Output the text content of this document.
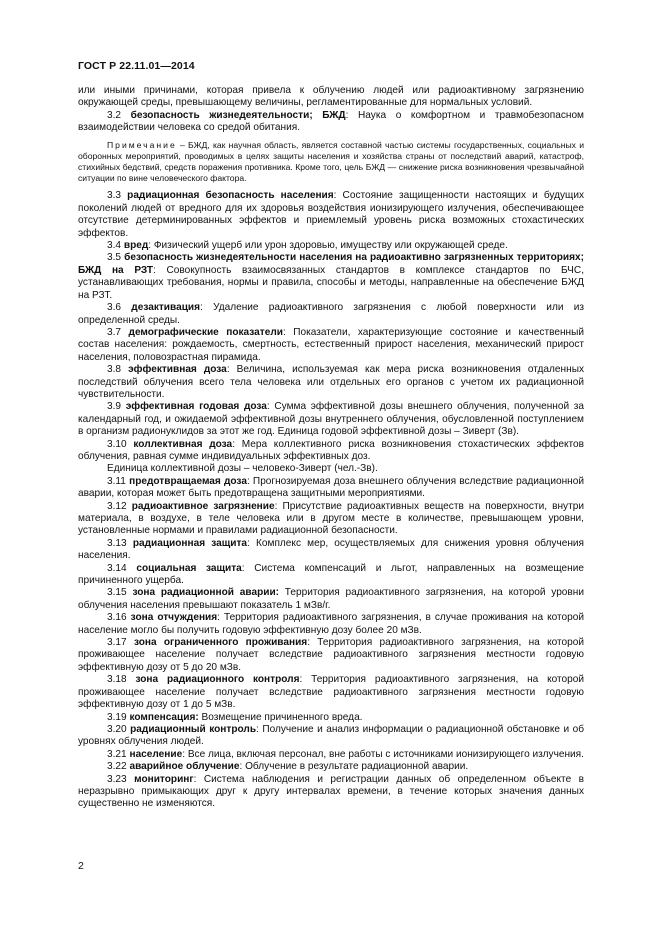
ГОСТ Р 22.11.01—2014

или иными причинами, которая привела к облучению людей или радиоактивному загрязнению окружающей среды, превышающему величины, регламентированные для нормальных условий.

3.2 безопасность жизнедеятельности; БЖД: Наука о комфортном и травмобезопасном взаимодействии человека со средой обитания.

Примечание – БЖД, как научная область, является составной частью системы государственных, социальных и оборонных мероприятий, проводимых в целях защиты населения и хозяйства страны от последствий аварий, катастроф, стихийных бедствий, средств поражения противника. Кроме того, цель БЖД — снижение риска возникновения чрезвычайной ситуации по вине человеческого фактора.

3.3 радиационная безопасность населения: Состояние защищенности настоящих и будущих поколений людей от вредного для их здоровья воздействия ионизирующего излучения, обеспечивающее отсутствие детерминированных эффектов и приемлемый уровень риска возможных стохастических эффектов.

3.4 вред: Физический ущерб или урон здоровью, имуществу или окружающей среде.

3.5 безопасность жизнедеятельности населения на радиоактивно загрязненных территориях; БЖД на РЗТ: Совокупность взаимосвязанных стандартов в комплексе стандартов по БЧС, устанавливающих требования, нормы и правила, способы и методы, направленные на обеспечение БЖД на РЗТ.

3.6 дезактивация: Удаление радиоактивного загрязнения с любой поверхности или из определенной среды.

3.7 демографические показатели: Показатели, характеризующие состояние и качественный состав населения: рождаемость, смертность, естественный прирост населения, механический прирост населения, половозрастная пирамида.

3.8 эффективная доза: Величина, используемая как мера риска возникновения отдаленных последствий облучения всего тела человека или отдельных его органов с учетом их радиационной чувствительности.

3.9 эффективная годовая доза: Сумма эффективной дозы внешнего облучения, полученной за календарный год, и ожидаемой эффективной дозы внутреннего облучения, обусловленной поступлением в организм радионуклидов за этот же год. Единица годовой эффективной дозы – Зиверт (Зв).

3.10 коллективная доза: Мера коллективного риска возникновения стохастических эффектов облучения, равная сумме индивидуальных эффективных доз.

Единица коллективной дозы – человеко-Зиверт (чел.-Зв).

3.11 предотвращаемая доза: Прогнозируемая доза внешнего облучения вследствие радиационной аварии, которая может быть предотвращена защитными мероприятиями.

3.12 радиоактивное загрязнение: Присутствие радиоактивных веществ на поверхности, внутри материала, в воздухе, в теле человека или в другом месте в количестве, превышающем уровни, установленные нормами и правилами радиационной безопасности.

3.13 радиационная защита: Комплекс мер, осуществляемых для снижения уровня облучения населения.

3.14 социальная защита: Система компенсаций и льгот, направленных на возмещение причиненного ущерба.

3.15 зона радиационной аварии: Территория радиоактивного загрязнения, на которой уровни облучения населения превышают показатель 1 мЗв/г.

3.16 зона отчуждения: Территория радиоактивного загрязнения, в случае проживания на которой население могло бы получить годовую эффективную дозу более 20 мЗв.

3.17 зона ограниченного проживания: Территория радиоактивного загрязнения, на которой проживающее население получает вследствие радиоактивного загрязнения местности годовую эффективную дозу от 5 до 20 мЗв.

3.18 зона радиационного контроля: Территория радиоактивного загрязнения, на которой проживающее население получает вследствие радиоактивного загрязнения местности годовую эффективную дозу от 1 до 5 мЗв.

3.19 компенсация: Возмещение причиненного вреда.

3.20 радиационный контроль: Получение и анализ информации о радиационной обстановке и об уровнях облучения людей.

3.21 население: Все лица, включая персонал, вне работы с источниками ионизирующего излучения.

3.22 аварийное облучение: Облучение в результате радиационной аварии.

3.23 мониторинг: Система наблюдения и регистрации данных об определенном объекте в неразрывно примыкающих друг к другу интервалах времени, в течение которых значения данных существенно не изменяются.

2
